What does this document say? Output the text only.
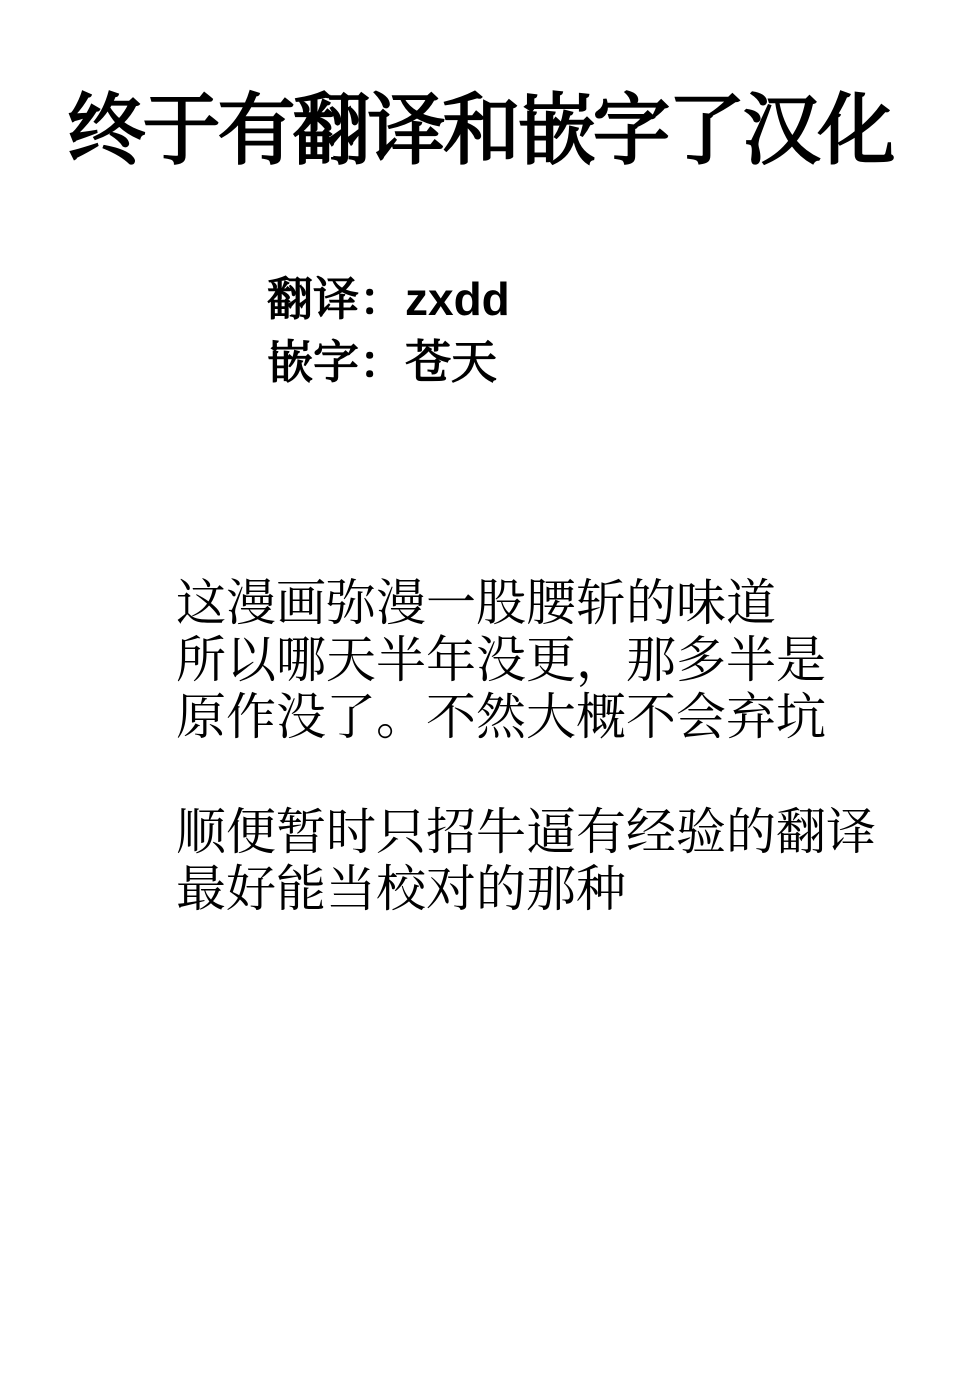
终于有翻译和嵌字了汉化
翻译：zxdd
嵌字：苍天

这漫画弥漫一股腰斩的味道
所以哪天半年没更，那多半是
原作没了。不然大概不会弃坑

顺便暂时只招牛逼有经验的翻译
最好能当校对的那种
